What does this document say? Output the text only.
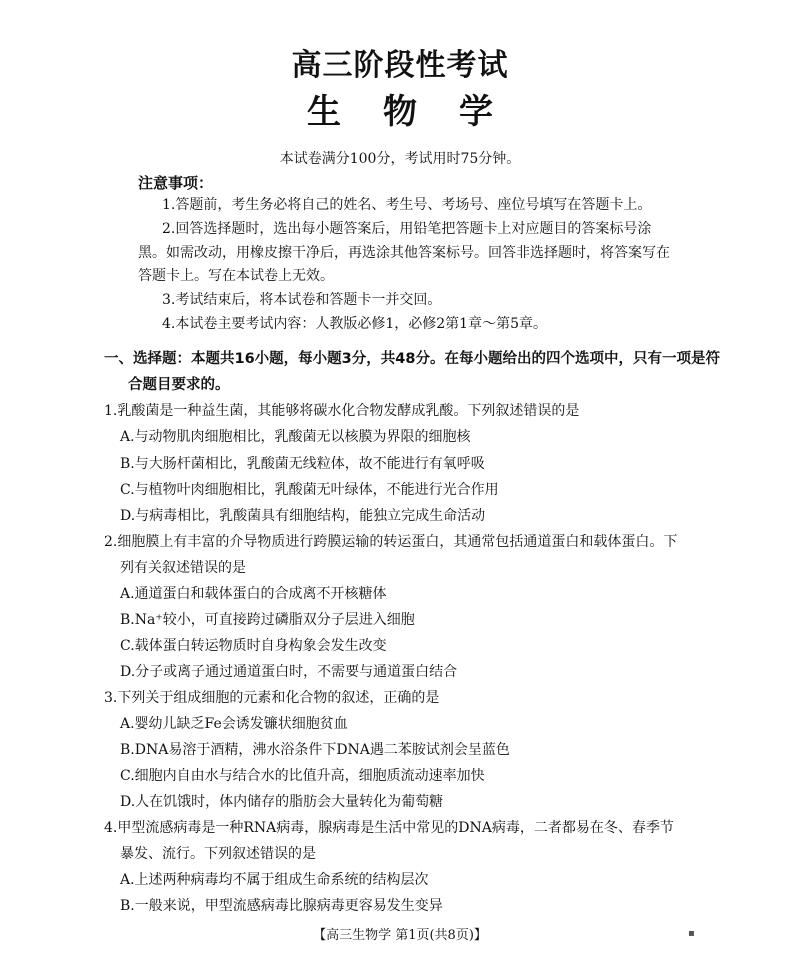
高三阶段性考试
生物学
本试卷满分100分，考试用时75分钟。
注意事项：
1.答题前，考生务必将自己的姓名、考生号、考场号、座位号填写在答题卡上。
2.回答选择题时，选出每小题答案后，用铅笔把答题卡上对应题目的答案标号涂
黑。如需改动，用橡皮擦干净后，再选涂其他答案标号。回答非选择题时，将答案写在
答题卡上。写在本试卷上无效。
3.考试结束后，将本试卷和答题卡一并交回。
4.本试卷主要考试内容：人教版必修1，必修2第1章～第5章。
一、选择题：本题共16小题，每小题3分，共48分。在每小题给出的四个选项中，只有一项是符
合题目要求的。
1.乳酸菌是一种益生菌，其能够将碳水化合物发酵成乳酸。下列叙述错误的是
A.与动物肌肉细胞相比，乳酸菌无以核膜为界限的细胞核
B.与大肠杆菌相比，乳酸菌无线粒体，故不能进行有氧呼吸
C.与植物叶肉细胞相比，乳酸菌无叶绿体，不能进行光合作用
D.与病毒相比，乳酸菌具有细胞结构，能独立完成生命活动
2.细胞膜上有丰富的介导物质进行跨膜运输的转运蛋白，其通常包括通道蛋白和载体蛋白。下
列有关叙述错误的是
A.通道蛋白和载体蛋白的合成离不开核糖体
B.Na⁺较小，可直接跨过磷脂双分子层进入细胞
C.载体蛋白转运物质时自身构象会发生改变
D.分子或离子通过通道蛋白时，不需要与通道蛋白结合
3.下列关于组成细胞的元素和化合物的叙述，正确的是
A.婴幼儿缺乏Fe会诱发镰状细胞贫血
B.DNA易溶于酒精，沸水浴条件下DNA遇二苯胺试剂会呈蓝色
C.细胞内自由水与结合水的比值升高，细胞质流动速率加快
D.人在饥饿时，体内储存的脂肪会大量转化为葡萄糖
4.甲型流感病毒是一种RNA病毒，腺病毒是生活中常见的DNA病毒，二者都易在冬、春季节
暴发、流行。下列叙述错误的是
A.上述两种病毒均不属于组成生命系统的结构层次
B.一般来说，甲型流感病毒比腺病毒更容易发生变异
【高三生物学 第1页(共8页)】	▪
